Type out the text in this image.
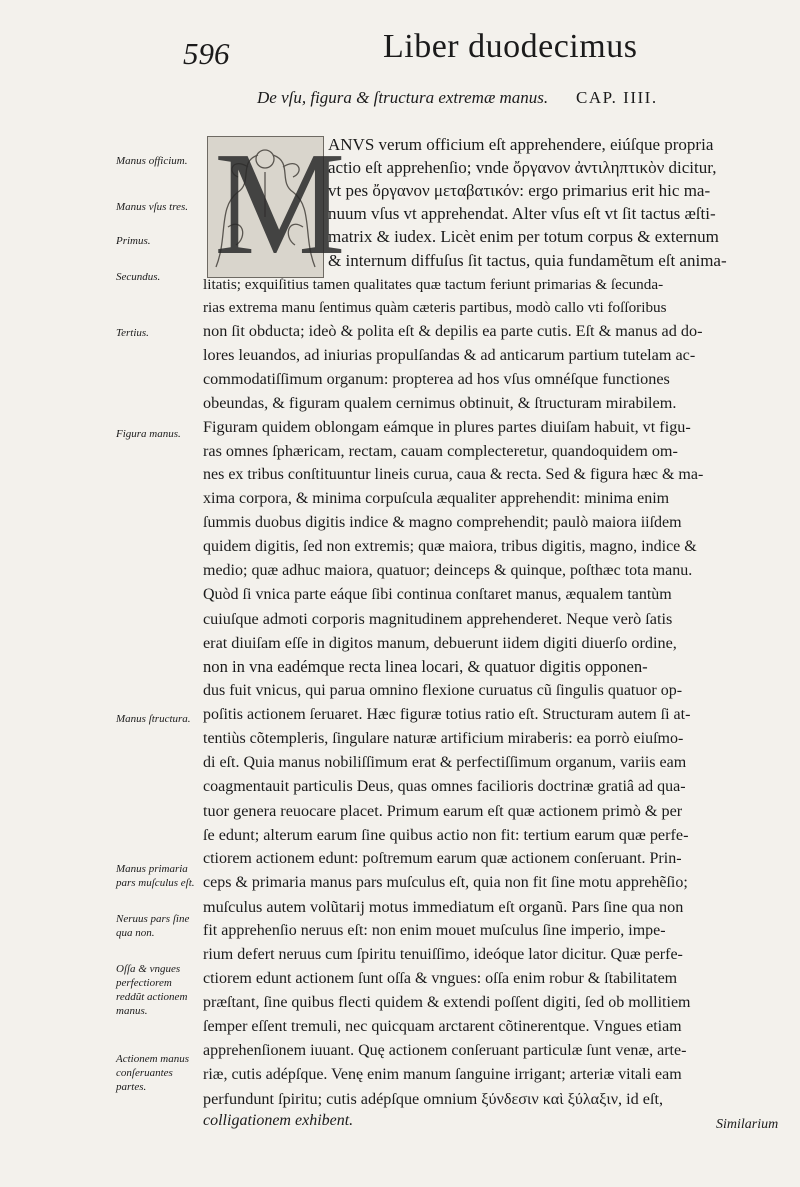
596	Liber duodecimus
De vſu, figura & ſtructura extremæ manus. CAP. IIII.
Manus officium.
Manus vſus tres.
Primus.
Secundus.
Tertius.
Figura manus.
Manus ſtructura.
Manus primaria pars muſculus eſt.
Neruus pars ſine qua non.
Oſſa & vngues perfectiorem reddũt actionem manus.
Actionem manus conſeruantes partes.
M
ANVS verum officium eſt apprehendere, eiúſque propria
actio eſt apprehenſio; vnde ὄργανον ἀντιληπτικὸν dicitur,
vt pes ὄργανον μεταβατικόν: ergo primarius erit hic ma-
nuum vſus vt apprehendat. Alter vſus eſt vt ſit tactus æſti-
matrix & iudex. Licèt enim per totum corpus & externum
& internum diffuſus ſit tactus, quia fundamẽtum eſt anima-
litatis; exquiſitius tamen qualitates quæ tactum feriunt primarias & ſecunda-
rias extrema manu ſentimus quàm cæteris partibus, modò callo vti foſſoribus
non ſit obducta; ideò & polita eſt & depilis ea parte cutis. Eſt & manus ad do-
lores leuandos, ad iniurias propulſandas & ad anticarum partium tutelam ac-
commodatiſſimum organum: propterea ad hos vſus omnéſque functiones
obeundas, & figuram qualem cernimus obtinuit, & ſtructuram mirabilem.
Figuram quidem oblongam eámque in plures partes diuiſam habuit, vt figu-
ras omnes ſphæricam, rectam, cauam complecteretur, quandoquidem om-
nes ex tribus conſtituuntur lineis curua, caua & recta. Sed & figura hæc & ma-
xima corpora, & minima corpuſcula æqualiter apprehendit: minima enim
ſummis duobus digitis indice & magno comprehendit; paulò maiora iiſdem
quidem digitis, ſed non extremis; quæ maiora, tribus digitis, magno, indice &
medio; quæ adhuc maiora, quatuor; deinceps & quinque, poſthæc tota manu.
Quòd ſi vnica parte eáque ſibi continua conſtaret manus, æqualem tantùm
cuiuſque admoti corporis magnitudinem apprehenderet. Neque verò ſatis
erat diuiſam eſſe in digitos manum, debuerunt iidem digiti diuerſo ordine,
non in vna eadémque recta linea locari, & quatuor digitis opponen-
dus fuit vnicus, qui parua omnino flexione curuatus cũ ſingulis quatuor op-
poſitis actionem ſeruaret. Hæc figuræ totius ratio eſt. Structuram autem ſi at-
tentiùs cõtempleris, ſingulare naturæ artificium miraberis: ea porrò eiuſmo-
di eſt. Quia manus nobiliſſimum erat & perfectiſſimum organum, variis eam
coagmentauit particulis Deus, quas omnes facilioris doctrinæ gratiâ ad qua-
tuor genera reuocare placet. Primum earum eſt quæ actionem primò & per
ſe edunt; alterum earum ſine quibus actio non fit: tertium earum quæ perfe-
ctiorem actionem edunt: poſtremum earum quæ actionem conſeruant. Prin-
ceps & primaria manus pars muſculus eſt, quia non fit ſine motu apprehẽſio;
muſculus autem volũtarij motus immediatum eſt organũ. Pars ſine qua non
fit apprehenſio neruus eſt: non enim mouet muſculus ſine imperio, impe-
rium defert neruus cum ſpiritu tenuiſſimo, ideóque lator dicitur. Quæ perfe-
ctiorem edunt actionem ſunt oſſa & vngues: oſſa enim robur & ſtabilitatem
præſtant, ſine quibus flecti quidem & extendi poſſent digiti, ſed ob mollitiem
ſemper eſſent tremuli, nec quicquam arctarent cõtinerentque. Vngues etiam
apprehenſionem iuuant. Quę actionem conſeruant particulæ ſunt venæ, arte-
riæ, cutis adépſque. Venę enim manum ſanguine irrigant; arteriæ vitali eam
perfundunt ſpiritu; cutis adépſque omnium ξύνδεσιν καὶ ξύλαξιν, id eſt,
colligationem exhibent.	Similarium
